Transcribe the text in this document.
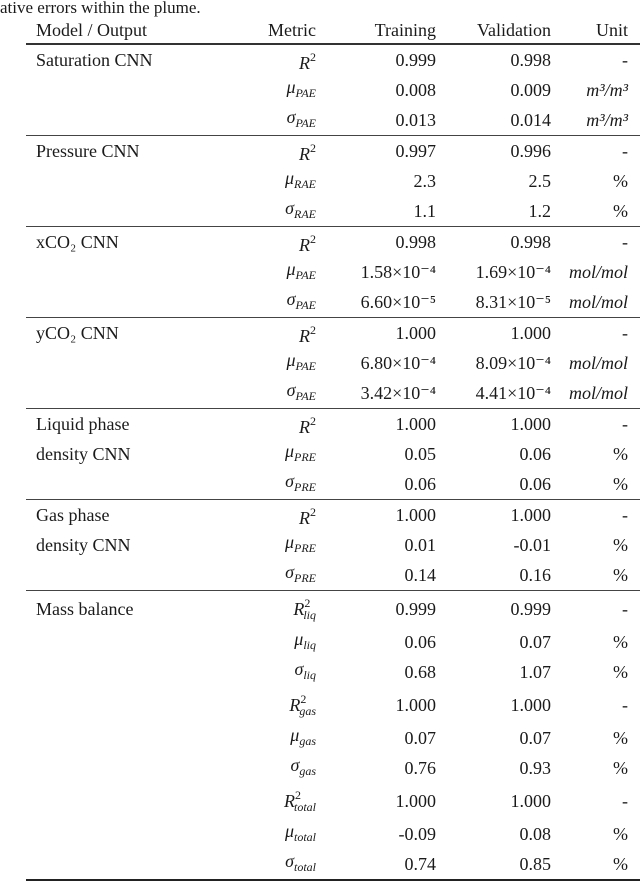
ative errors within the plume.
Model / Output	Metric	Training	Validation	Unit
Saturation CNN	$R^2$	0.999	0.998	-
	$\mu_{PAE}$	0.008	0.009	m³/m³
	$\sigma_{PAE}$	0.013	0.014	m³/m³
Pressure CNN	$R^2$	0.997	0.996	-
	$\mu_{RAE}$	2.3	2.5	%
	$\sigma_{RAE}$	1.1	1.2	%
xCO₂ CNN	$R^2$	0.998	0.998	-
	$\mu_{PAE}$	1.58×10⁻⁴	1.69×10⁻⁴	mol/mol
	$\sigma_{PAE}$	6.60×10⁻⁵	8.31×10⁻⁵	mol/mol
yCO₂ CNN	$R^2$	1.000	1.000	-
	$\mu_{PAE}$	6.80×10⁻⁴	8.09×10⁻⁴	mol/mol
	$\sigma_{PAE}$	3.42×10⁻⁴	4.41×10⁻⁴	mol/mol
Liquid phase	$R^2$	1.000	1.000	-
density CNN	$\mu_{PRE}$	0.05	0.06	%
	$\sigma_{PRE}$	0.06	0.06	%
Gas phase	$R^2$	1.000	1.000	-
density CNN	$\mu_{PRE}$	0.01	-0.01	%
	$\sigma_{PRE}$	0.14	0.16	%
Mass balance	$R^2_{liq}$	0.999	0.999	-
	$\mu_{liq}$	0.06	0.07	%
	$\sigma_{liq}$	0.68	1.07	%
	$R^2_{gas}$	1.000	1.000	-
	$\mu_{gas}$	0.07	0.07	%
	$\sigma_{gas}$	0.76	0.93	%
	$R^2_{total}$	1.000	1.000	-
	$\mu_{total}$	-0.09	0.08	%
	$\sigma_{total}$	0.74	0.85	%
